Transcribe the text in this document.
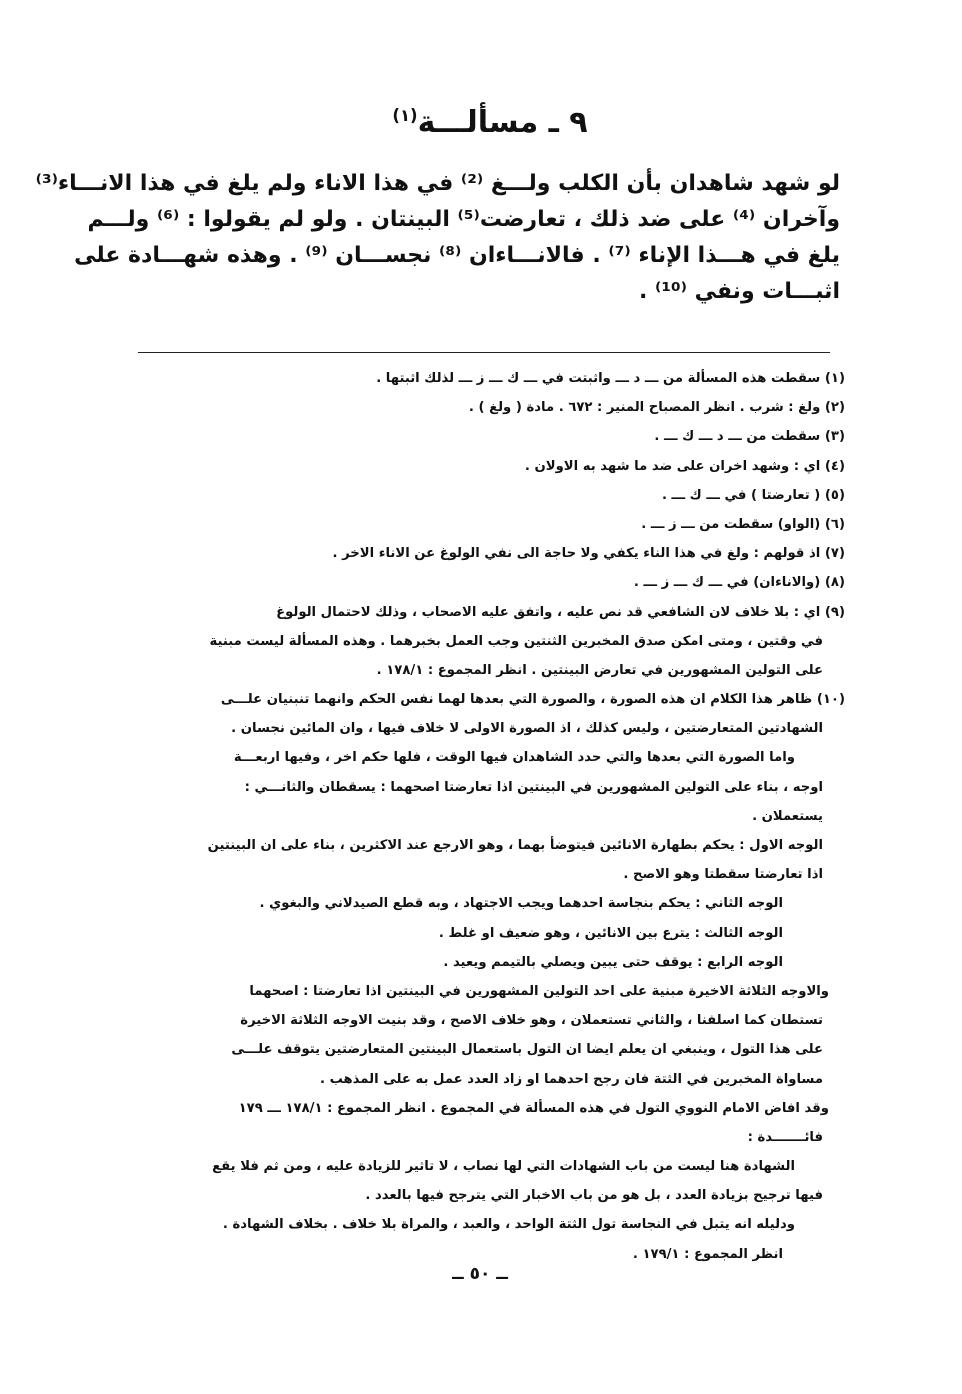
٩ ـ مسألـــة$^{(١)}$
لو شهد شاهدان بأن الكلب ولـــغ ⁽²⁾ في هذا الاناء ولم يلغ في هذا الانـــاء⁽³⁾
وآخران ⁽⁴⁾ على ضد ذلك ، تعارضت⁽⁵⁾ البينتان . ولو لم يقولوا : ⁽⁶⁾ ولـــم
يلغ في هـــذا الإناء ⁽⁷⁾ . فالانـــاءان ⁽⁸⁾ نجســـان ⁽⁹⁾ . وهذه شهـــادة على
اثبـــات ونفي ⁽¹⁰⁾ .
(١) سقطت هذه المسألة من ـــ د ـــ واثبتت في ـــ ك ـــ ز ـــ لذلك اثبتها .
(٢) ولغ : شرب . انظر المصباح المنير : ٦٧٢ . مادة ( ولغ ) .
(٣) سقطت من ـــ د ـــ ك ـــ .
(٤) اي : وشهد اخران على ضد ما شهد به الاولان .
(٥) ( تعارضتا ) في ـــ ك ـــ .
(٦) (الواو) سقطت من ـــ ز ـــ .
(٧) اذ قولهم : ولغ في هذا الناء يكفي ولا حاجة الى نفي الولوغ عن الاناء الاخر .
(٨) (والاناءان) في ـــ ك ـــ ز ـــ .
(٩) اي : بلا خلاف لان الشافعي قد نص عليه ، واتفق عليه الاصحاب ، وذلك لاحتمال الولوغ
في وقتين ، ومتى امكن صدق المخبرين الثنتين وجب العمل بخبرهما . وهذه المسألة ليست مبنية
على التولين المشهورين في تعارض البينتين . انظر المجموع : ١٧٨/١ .
(١٠) ظاهر هذا الكلام ان هذه الصورة ، والصورة التي بعدها لهما نفس الحكم وانهما تنبنيان علـــى
الشهادتين المتعارضتين ، وليس كذلك ، اذ الصورة الاولى لا خلاف فيها ، وان المائين نجسان .
واما الصورة التي بعدها والتي حدد الشاهدان فيها الوقت ، فلها حكم اخر ، وفيها اربعـــة
اوجه ، بناء على التولين المشهورين في البينتين اذا تعارضتا اصحهما : يسقطان والثانـــي :
يستعملان .
الوجه الاول : يحكم بطهارة الانائين فيتوضأ بهما ، وهو الارجع عند الاكثرين ، بناء على ان البينتين
اذا تعارضتا سقطتا وهو الاصح .
الوجه الثاني : يحكم بنجاسة احدهما ويجب الاجتهاد ، وبه قطع الصيدلاني والبغوي .
الوجه الثالث : يترع بين الانائين ، وهو ضعيف او غلط .
الوجه الرابع : يوقف حتى يبين ويصلي بالتيمم ويعيد .
والاوجه الثلاثة الاخيرة مبنية على احد التولين المشهورين في البينتين اذا تعارضتا : اصحهما
تستطان كما اسلفنا ، والثاني تستعملان ، وهو خلاف الاصح ، وقد بنيت الاوجه الثلاثة الاخيرة
على هذا التول ، وينبغي ان يعلم ايضا ان التول باستعمال البينتين المتعارضتين يتوقف علـــى
مساواة المخبرين في الثتة فان رجح احدهما او زاد العدد عمل به على المذهب .
وقد افاض الامام النووي التول في هذه المسألة في المجموع . انظر المجموع : ١٧٨/١ ـــ ١٧٩
فائـــــــدة :
الشهادة هنا ليست من باب الشهادات التي لها نصاب ، لا تاثير للزيادة عليه ، ومن ثم فلا يقع
فيها ترجيح بزيادة العدد ، بل هو من باب الاخبار التي يترجح فيها بالعدد .
ودليله انه يتبل في النجاسة تول الثتة الواحد ، والعبد ، والمراة بلا خلاف . بخلاف الشهادة .
انظر المجموع : ١٧٩/١ .
ــ ٥٠ ــ
